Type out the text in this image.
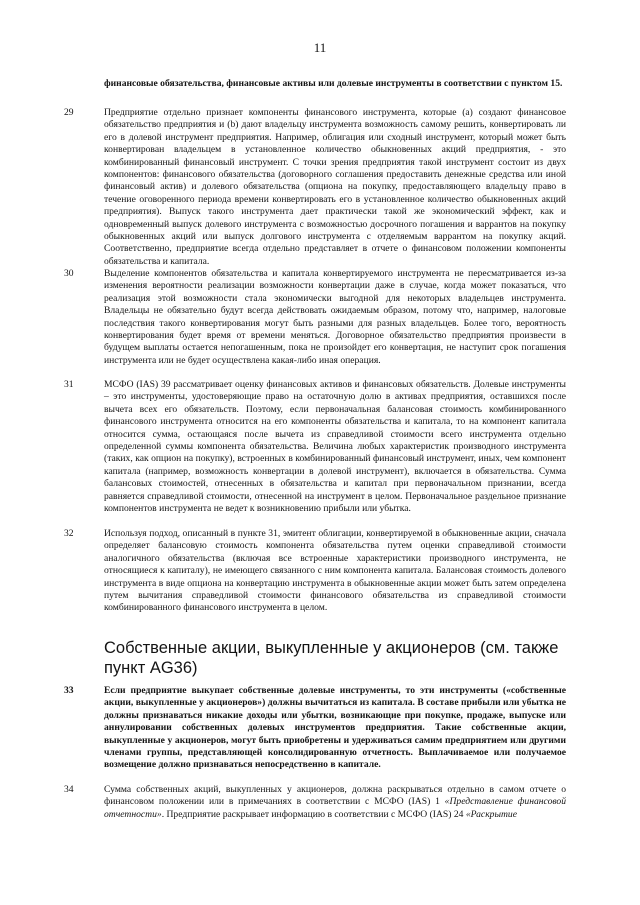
11
финансовые обязательства, финансовые активы или долевые инструменты в соответствии с пунктом 15.
29	Предприятие отдельно признает компоненты финансового инструмента, которые (a) создают финансовое обязательство предприятия и (b) дают владельцу инструмента возможность самому решить, конвертировать ли его в долевой инструмент предприятия. Например, облигация или сходный инструмент, который может быть конвертирован владельцем в установленное количество обыкновенных акций предприятия, - это комбинированный финансовый инструмент. С точки зрения предприятия такой инструмент состоит из двух компонентов: финансового обязательства (договорного соглашения предоставить денежные средства или иной финансовый актив) и долевого обязательства (опциона на покупку, предоставляющего владельцу право в течение оговоренного периода времени конвертировать его в установленное количество обыкновенных акций предприятия). Выпуск такого инструмента дает практически такой же экономический эффект, как и одновременный выпуск долевого инструмента с возможностью досрочного погашения и варрантов на покупку обыкновенных акций или выпуск долгового инструмента с отделяемым варрантом на покупку акций. Соответственно, предприятие всегда отдельно представляет в отчете о финансовом положении компоненты обязательства и капитала.
30	Выделение компонентов обязательства и капитала конвертируемого инструмента не пересматривается из-за изменения вероятности реализации возможности конвертации даже в случае, когда может показаться, что реализация этой возможности стала экономически выгодной для некоторых владельцев инструмента. Владельцы не обязательно будут всегда действовать ожидаемым образом, потому что, например, налоговые последствия такого конвертирования могут быть разными для разных владельцев. Более того, вероятность конвертирования будет время от времени меняться. Договорное обязательство предприятия произвести в будущем выплаты остается непогашенным, пока не произойдет его конвертация, не наступит срок погашения инструмента или не будет осуществлена какая-либо иная операция.
31	МСФО (IAS) 39 рассматривает оценку финансовых активов и финансовых обязательств. Долевые инструменты – это инструменты, удостоверяющие право на остаточную долю в активах предприятия, оставшихся после вычета всех его обязательств. Поэтому, если первоначальная балансовая стоимость комбинированного финансового инструмента относится на его компоненты обязательства и капитала, то на компонент капитала относится сумма, остающаяся после вычета из справедливой стоимости всего инструмента отдельно определенной суммы компонента обязательства. Величина любых характеристик производного инструмента (таких, как опцион на покупку), встроенных в комбинированный финансовый инструмент, иных, чем компонент капитала (например, возможность конвертации в долевой инструмент), включается в обязательства. Сумма балансовых стоимостей, отнесенных в обязательства и капитал при первоначальном признании, всегда равняется справедливой стоимости, отнесенной на инструмент в целом. Первоначальное раздельное признание компонентов инструмента не ведет к возникновению прибыли или убытка.
32	Используя подход, описанный в пункте 31, эмитент облигации, конвертируемой в обыкновенные акции, сначала определяет балансовую стоимость компонента обязательства путем оценки справедливой стоимости аналогичного обязательства (включая все встроенные характеристики производного инструмента, не относящиеся к капиталу), не имеющего связанного с ним компонента капитала. Балансовая стоимость долевого инструмента в виде опциона на конвертацию инструмента в обыкновенные акции может быть затем определена путем вычитания справедливой стоимости финансового обязательства из справедливой стоимости комбинированного финансового инструмента в целом.
Собственные акции, выкупленные у акционеров (см. также пункт AG36)
33	Если предприятие выкупает собственные долевые инструменты, то эти инструменты («собственные акции, выкупленные у акционеров») должны вычитаться из капитала. В составе прибыли или убытка не должны признаваться никакие доходы или убытки, возникающие при покупке, продаже, выпуске или аннулировании собственных долевых инструментов предприятия. Такие собственные акции, выкупленные у акционеров, могут быть приобретены и удерживаться самим предприятием или другими членами группы, представляющей консолидированную отчетность. Выплачиваемое или получаемое возмещение должно признаваться непосредственно в капитале.
34	Сумма собственных акций, выкупленных у акционеров, должна раскрываться отдельно в самом отчете о финансовом положении или в примечаниях в соответствии с МСФО (IAS) 1 «Представление финансовой отчетности». Предприятие раскрывает информацию в соответствии с МСФО (IAS) 24 «Раскрытие
